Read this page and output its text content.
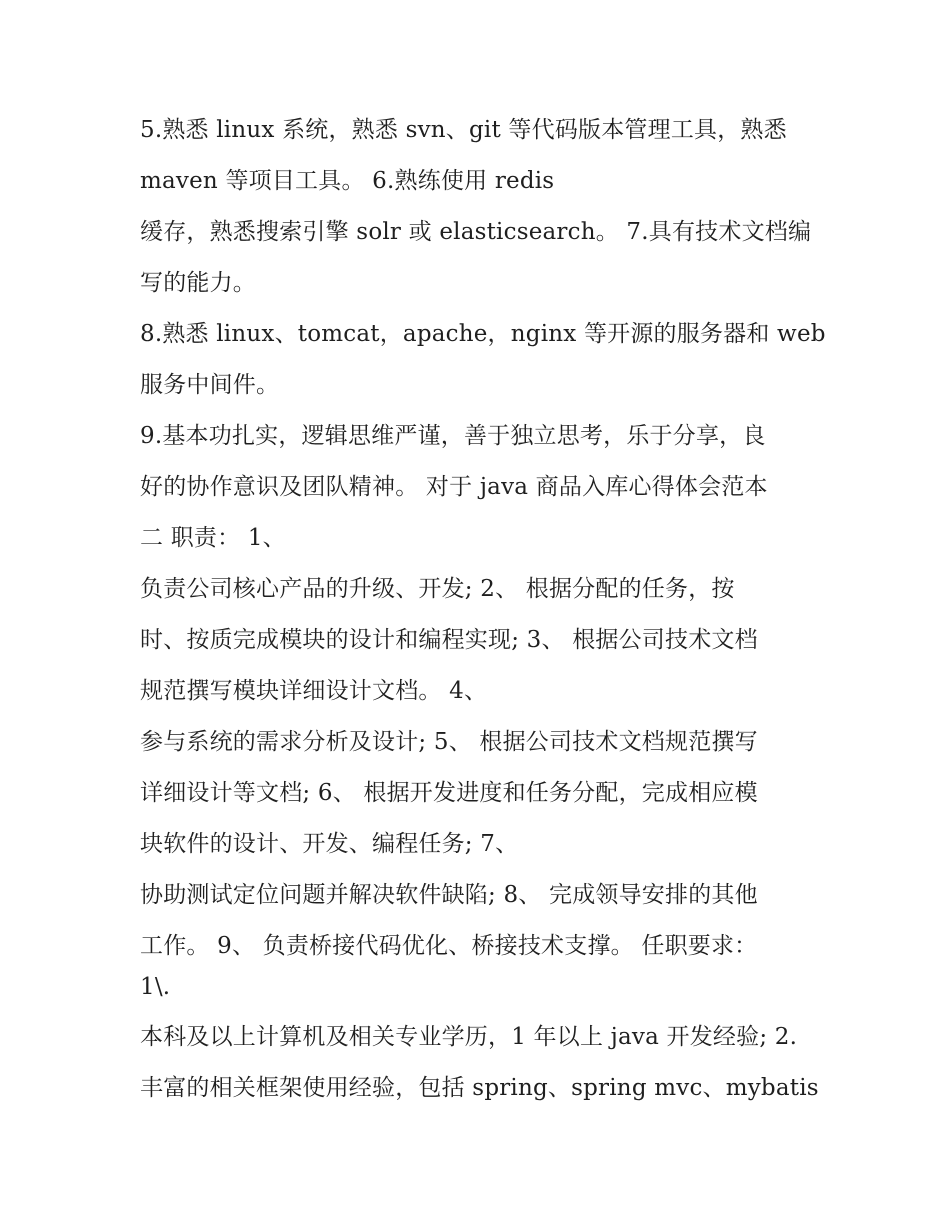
5.熟悉 linux 系统，熟悉 svn、git 等代码版本管理工具，熟悉

maven 等项目工具。 6.熟练使用 redis

缓存，熟悉搜索引擎 solr 或 elasticsearch。 7.具有技术文档编

写的能力。

8.熟悉 linux、tomcat，apache，nginx 等开源的服务器和 web

服务中间件。

9.基本功扎实，逻辑思维严谨，善于独立思考，乐于分享，良

好的协作意识及团队精神。 对于 java 商品入库心得体会范本

二 职责： 1、

负责公司核心产品的升级、开发; 2、 根据分配的任务，按

时、按质完成模块的设计和编程实现; 3、 根据公司技术文档

规范撰写模块详细设计文档。 4、

参与系统的需求分析及设计; 5、 根据公司技术文档规范撰写

详细设计等文档; 6、 根据开发进度和任务分配，完成相应模

块软件的设计、开发、编程任务; 7、

协助测试定位问题并解决软件缺陷; 8、 完成领导安排的其他

工作。 9、 负责桥接代码优化、桥接技术支撑。 任职要求：

1\.

本科及以上计算机及相关专业学历，1 年以上 java 开发经验; 2.

丰富的相关框架使用经验，包括 spring、spring mvc、mybatis
